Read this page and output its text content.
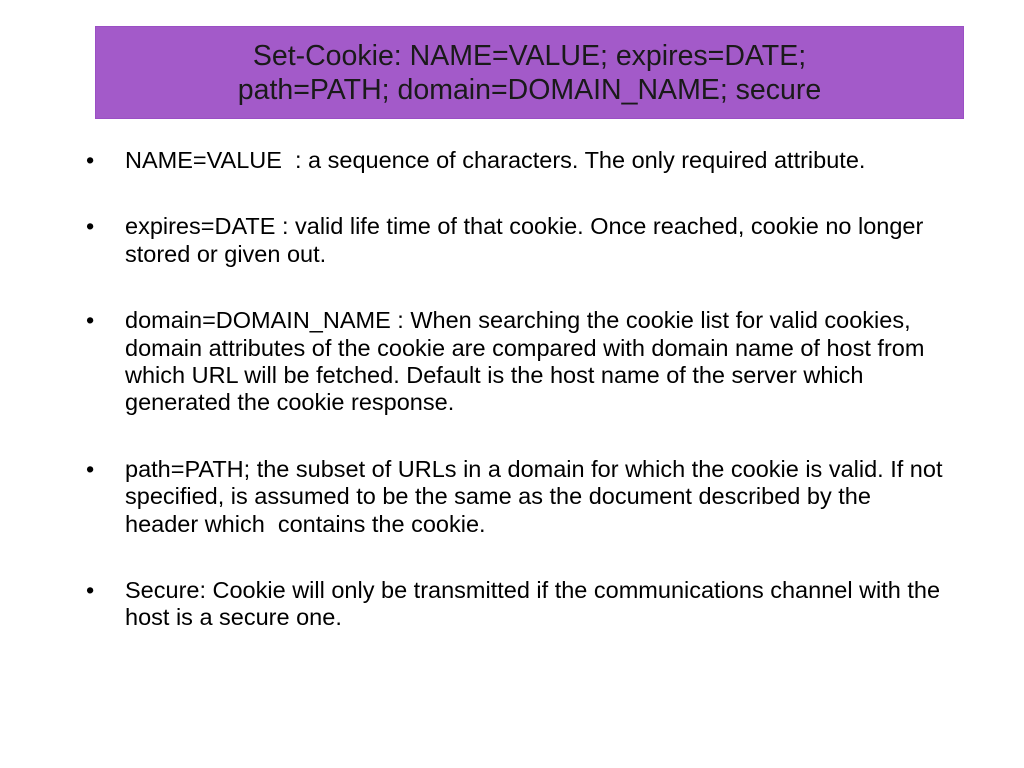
Set-Cookie: NAME=VALUE; expires=DATE;
path=PATH; domain=DOMAIN_NAME; secure
• NAME=VALUE  : a sequence of characters. The only required attribute.
• expires=DATE : valid life time of that cookie. Once reached, cookie no longer stored or given out.
• domain=DOMAIN_NAME : When searching the cookie list for valid cookies, domain attributes of the cookie are compared with domain name of host from which URL will be fetched. Default is the host name of the server which generated the cookie response.
• path=PATH; the subset of URLs in a domain for which the cookie is valid. If not specified, is assumed to be the same as the document described by the header which  contains the cookie.
• Secure: Cookie will only be transmitted if the communications channel with the host is a secure one.
